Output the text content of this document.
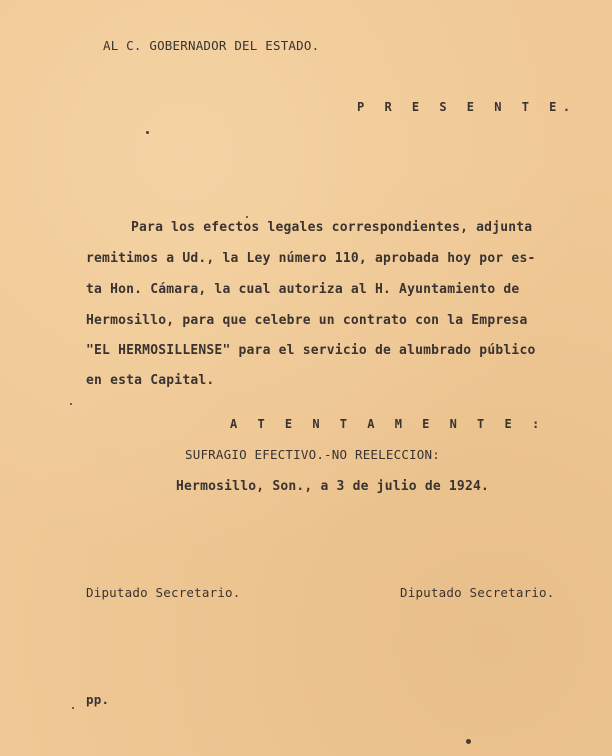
AL C. GOBERNADOR DEL ESTADO.
P R E S E N T E.
Para los efectos legales correspondientes, adjunta
remitimos a Ud., la Ley número 110, aprobada hoy por es-
ta Hon. Cámara, la cual autoriza al H. Ayuntamiento de
Hermosillo, para que celebre un contrato con la Empresa
"EL HERMOSILLENSE" para el servicio de alumbrado público
en esta Capital.
A T E N T A M E N T E :
SUFRAGIO EFECTIVO.-NO REELECCION:
Hermosillo, Son., a 3 de julio de 1924.
Diputado Secretario.	Diputado Secretario.
pp.
